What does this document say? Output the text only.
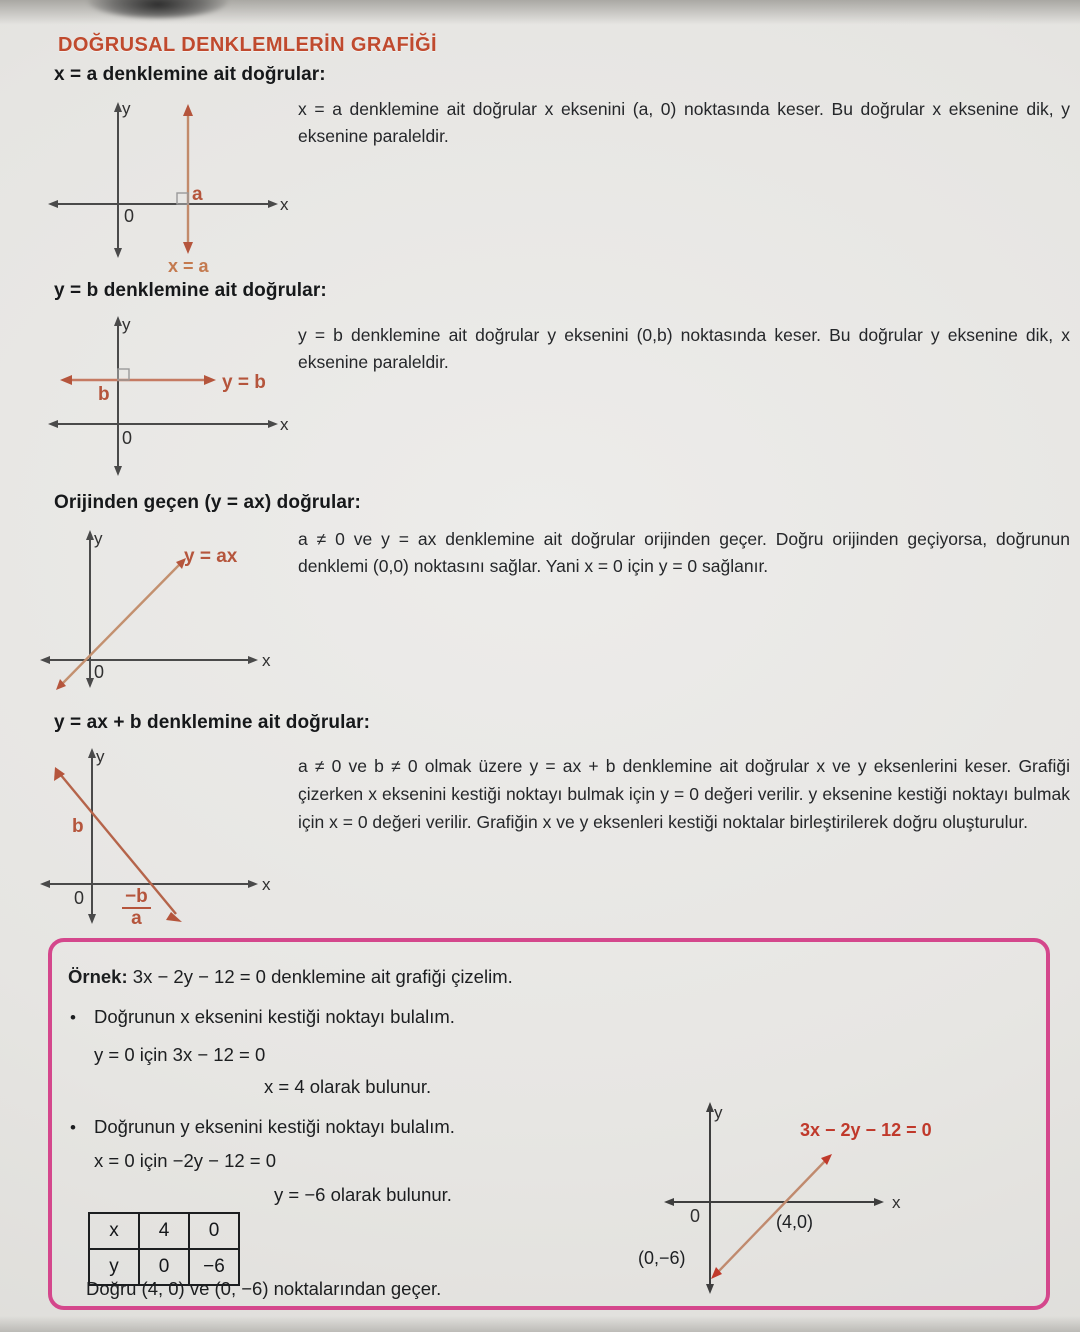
DOĞRUSAL DENKLEMLERİN GRAFİĞİ
x = a denklemine ait doğrular:
x = a denklemine ait doğrular x eksenini (a, 0) noktasında keser. Bu doğrular x eksenine dik, y eksenine paraleldir.
0
y
x
a
x = a
y = b denklemine ait doğrular:
y = b denklemine ait doğrular y eksenini (0,b) noktasında keser. Bu doğrular y eksenine dik, x eksenine paraleldir.
y
x
0
b
y = b
Orijinden geçen (y = ax) doğrular:
a ≠ 0 ve y = ax denklemine ait doğrular orijinden geçer. Doğru orijinden geçiyorsa, doğrunun denklemi (0,0) noktasını sağlar. Yani x = 0 için y = 0 sağlanır.
y
x
0
y = ax
y = ax + b denklemine ait doğrular:
a ≠ 0 ve b ≠ 0 olmak üzere y = ax + b denklemine ait doğrular x ve y eksenlerini keser. Grafiği çizerken x eksenini kestiği noktayı bulmak için y = 0 değeri verilir. y eksenine kestiği noktayı bulmak için x = 0 değeri verilir. Grafiğin x ve y eksenleri kestiği noktalar birleştirilerek doğru oluşturulur.
y
x
0
b
$\frac{-b}{a}$
Örnek: 3x − 2y − 12 = 0 denklemine ait grafiği çizelim.
• Doğrunun x eksenini kestiği noktayı bulalım.
y = 0 için 3x − 12 = 0
x = 4 olarak bulunur.
• Doğrunun y eksenini kestiği noktayı bulalım.
x = 0 için −2y − 12 = 0
y = −6 olarak bulunur.
x	4	0
y	0	−6
Doğru (4, 0) ve (0, −6) noktalarından geçer.
y
x
0	(4,0)
(0,−6)
3x − 2y − 12 = 0
